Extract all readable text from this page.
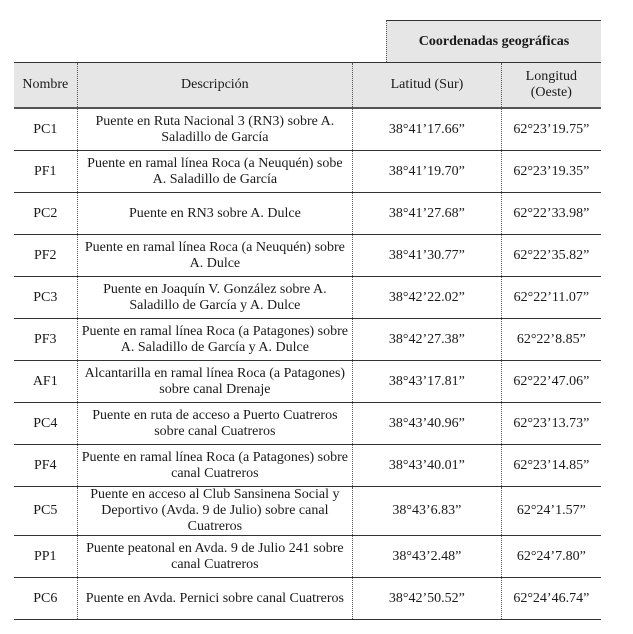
Coordenadas geográficas
Nombre	Descripción	Latitud (Sur)	Longitud (Oeste)
PC1	Puente en Ruta Nacional 3 (RN3) sobre A. Saladillo de García	38°41’17.66”	62°23’19.75”
PF1	Puente en ramal línea Roca (a Neuquén) sobe A. Saladillo de García	38°41’19.70”	62°23’19.35”
PC2	Puente en RN3 sobre A. Dulce	38°41’27.68”	62°22’33.98”
PF2	Puente en ramal línea Roca (a Neuquén) sobre A. Dulce	38°41’30.77”	62°22’35.82”
PC3	Puente en Joaquín V. González sobre A. Saladillo de García y A. Dulce	38°42’22.02”	62°22’11.07”
PF3	Puente en ramal línea Roca (a Patagones) sobre A. Saladillo de García y A. Dulce	38°42’27.38”	62°22’8.85”
AF1	Alcantarilla en ramal línea Roca (a Patagones) sobre canal Drenaje	38°43’17.81”	62°22’47.06”
PC4	Puente en ruta de acceso a Puerto Cuatreros sobre canal Cuatreros	38°43’40.96”	62°23’13.73”
PF4	Puente en ramal línea Roca (a Patagones) sobre canal Cuatreros	38°43’40.01”	62°23’14.85”
PC5	Puente en acceso al Club Sansinena Social y Deportivo (Avda. 9 de Julio) sobre canal Cuatreros	38°43’6.83”	62°24’1.57”
PP1	Puente peatonal en Avda. 9 de Julio 241 sobre canal Cuatreros	38°43’2.48”	62°24’7.80”
PC6	Puente en Avda. Pernici sobre canal Cuatreros	38°42’50.52”	62°24’46.74”
